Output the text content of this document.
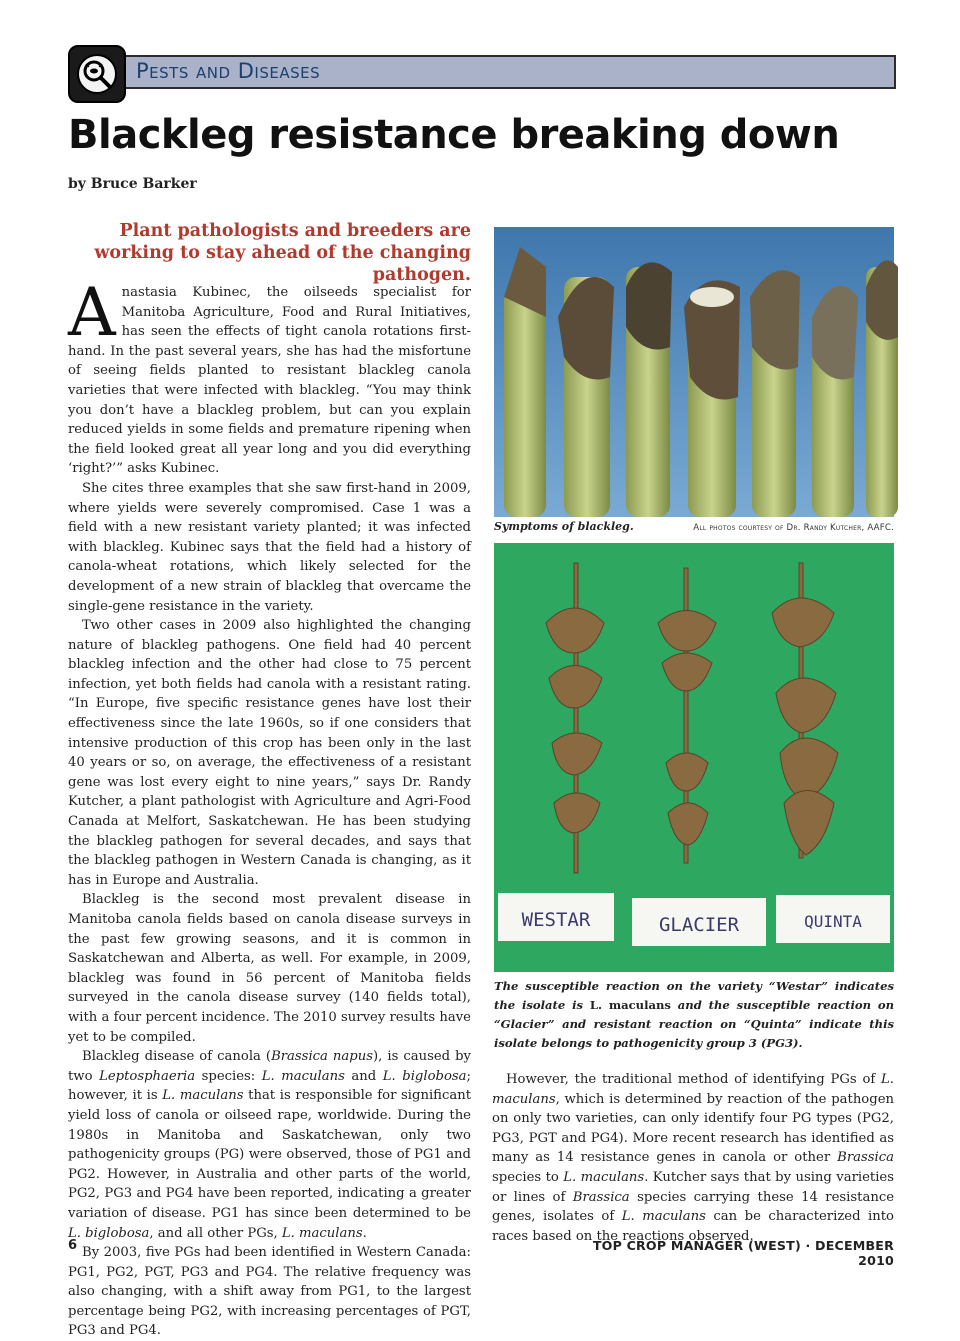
Pests and Diseases
Blackleg resistance breaking down
by Bruce Barker
Plant pathologists and breeders are working to stay ahead of the changing pathogen.

Anastasia Kubinec, the oilseeds specialist for Manitoba Agriculture, Food and Rural Initiatives, has seen the effects of tight canola rotations first-hand. In the past several years, she has had the misfortune of seeing fields planted to resistant blackleg canola varieties that were infected with blackleg. “You may think you don’t have a blackleg problem, but can you explain reduced yields in some fields and premature ripening when the field looked great all year long and you did everything ‘right?’” asks Kubinec.

She cites three examples that she saw first-hand in 2009, where yields were severely compromised. Case 1 was a field with a new resistant variety planted; it was infected with blackleg. Kubinec says that the field had a history of canola-wheat rotations, which likely selected for the development of a new strain of blackleg that overcame the single-gene resistance in the variety.

Two other cases in 2009 also highlighted the changing nature of blackleg pathogens. One field had 40 percent blackleg infection and the other had close to 75 percent infection, yet both fields had canola with a resistant rating. “In Europe, five specific resistance genes have lost their effectiveness since the late 1960s, so if one considers that intensive production of this crop has been only in the last 40 years or so, on average, the effectiveness of a resistant gene was lost every eight to nine years,” says Dr. Randy Kutcher, a plant pathologist with Agriculture and Agri-Food Canada at Melfort, Saskatchewan. He has been studying the blackleg pathogen for several decades, and says that the blackleg pathogen in Western Canada is changing, as it has in Europe and Australia.

Blackleg is the second most prevalent disease in Manitoba canola fields based on canola disease surveys in the past few growing seasons, and it is common in Saskatchewan and Alberta, as well. For example, in 2009, blackleg was found in 56 percent of Manitoba fields surveyed in the canola disease survey (140 fields total), with a four percent incidence. The 2010 survey results have yet to be compiled.

Blackleg disease of canola (Brassica napus), is caused by two Leptosphaeria species: L. maculans and L. biglobosa; however, it is L. maculans that is responsible for significant yield loss of canola or oilseed rape, worldwide. During the 1980s in Manitoba and Saskatchewan, only two pathogenicity groups (PG) were observed, those of PG1 and PG2. However, in Australia and other parts of the world, PG2, PG3 and PG4 have been reported, indicating a greater variation of disease. PG1 has since been determined to be L. biglobosa, and all other PGs, L. maculans.

By 2003, five PGs had been identified in Western Canada: PG1, PG2, PGT, PG3 and PG4. The relative frequency was also changing, with a shift away from PG1, to the largest percentage being PG2, with increasing percentages of PGT, PG3 and PG4.

Symptoms of blackleg.	All photos courtesy of Dr. Randy Kutcher, AAFC.
WESTAR	GLACIER	QUINTA
The susceptible reaction on the variety “Westar” indicates the isolate is L. maculans and the susceptible reaction on “Glacier” and resistant reaction on “Quinta” indicate this isolate belongs to pathogenicity group 3 (PG3).

However, the traditional method of identifying PGs of L. maculans, which is determined by reaction of the pathogen on only two varieties, can only identify four PG types (PG2, PG3, PGT and PG4). More recent research has identified as many as 14 resistance genes in canola or other Brassica species to L. maculans. Kutcher says that by using varieties or lines of Brassica species carrying these 14 resistance genes, isolates of L. maculans can be characterized into races based on the reactions observed.

6	TOP CROP MANAGER (WEST) · DECEMBER 2010
